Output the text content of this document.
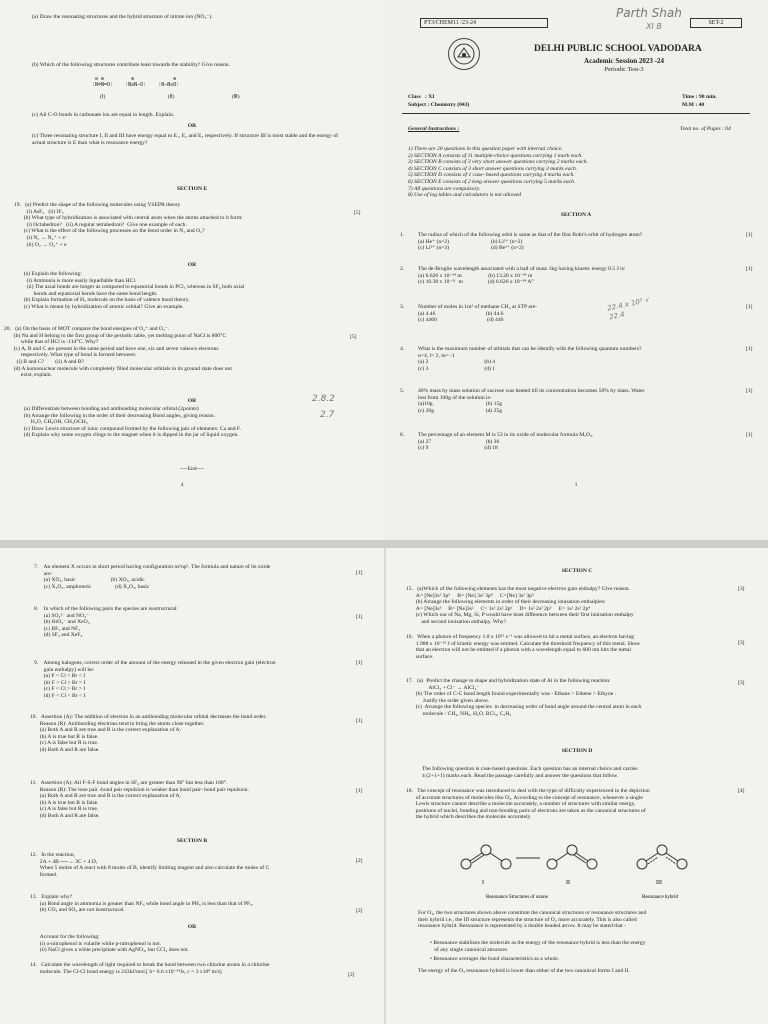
(a) Draw the resonating structures and the hybrid structure of nitrate ion (NO₃⁻).
(b) Which of the following structures contribute least towards the stability? Give reason.
⊖ ⊕         ⊕             ⊕
:N=N=O:    :N≡N−O:    :N−N≡O:
(Ⅰ)	(Ⅱ)	(Ⅲ)
(c) All C-O bonds in carbonate ion are equal in length. Explain.
OR
(c) Three resonating structure I, II and III have energy equal to E₁, E₂ and E₃ respectively. If structure III is most stable and the energy of actual structure is E than what is resonance energy?
SECTION E
19.   (a) Predict the shape of the following molecules using VSEPR theory
(i) AsF₃   (ii) IF₅
(b) What type of hybridization is associated with central atom when the atoms attached to it form:
(i) Octahedron?   (ii) A regular tetrahedron?  Give one example of each.
(c) What is the effect of the following processes on the bond order in N₂ and O₂?
(i) N₂ → N₂⁺ + e⁻
(ii) O₂ → O₂⁺ + e
[5]
OR
(a) Explain the following:
(i) Ammonia is more easily liquefiable than HCl.
(ii) The axial bonds are longer as compared to equatorial bonds in PCl₅ whereas in SF₆ both axial
bonds and equatorial bonds have the same bond length.
(b) Explain formation of H₂ molecule on the basis of valence bond theory.
(c) What is meant by hybridization of atomic orbital? Give an example.
20.   (a) On the basis of MOT compare the bond energies of O₂⁺ and O₂⁻.
(b) Na and H belong to the first group of the periodic table, yet melting point of NaCl is 800°C
while that of HCl is -114°C. Why?
(c) A, B and C are present in the same period and have one, six and seven valence electrons
respectively. What type of bond is formed between:
(i) B and C?        (ii) A and B?
(d) A homonuclear molecule with completely filled molecular orbitals in its ground state does not
exist, explain.
[5]
2.8.2
2.7
OR
(a) Differentiate between bonding and antibonding molecular orbital.(2points)
(b) Arrange the following in the order of their decreasing Bond angles, giving reason.
H₂O, CH₃OH, CH₃OCH₃
(c) Draw Lewis structure of ionic compound formed by the following pair of elements: Ca and F.
(d) Explain why some oxygen clings to the magnet when it is dipped in the jar of liquid oxygen.
----End----
4
PT3/CHEM11 /23-24	SET-2
Parth Shah
XI B
DELHI PUBLIC SCHOOL VADODARA
Academic Session 2023 -24
Periodic Test-3
Class   : XI
Subject : Chemistry (043)
Time : 90 min.
M.M : 40
General Instructions :	Total no. of Pages : 04
1) There are 20 questions in this question paper with internal choice.
2) SECTION A consists of 11 multiple-choice questions carrying 1 mark each.
3) SECTION B consists of 3 very short answer questions carrying 2 marks each.
4) SECTION C consists of 3 short answer questions carrying 3 marks each.
5) SECTION D consists of 1 case- based questions carrying 4 marks each.
6) SECTION E consists of 2 long answer questions carrying 5 marks each.
7) All questions are compulsory.
8) Use of log tables and calculators is not allowed
SECTION A
1. The radius of which of the following orbit is same as that of the first Bohr's orbit of hydrogen atom?
(a) He⁺ (n=2)                              (b) Li²⁺ (n=2)
(c) Li²⁺ (n=3)                              (d) Be³⁺ (n=2)
[1]
2. The de-Broglie wavelength associated with a ball of mass 1kg having kinetic energy 0.5 J is:
(a) 6.626 x 10⁻³⁴ m                   (b) 13.20 x 10⁻³⁴ m
(c) 10.38 x 10⁻²¹  m                  (d) 6.626 x 10⁻³⁴ A°
[1]
3. Number of moles in 1m³ of methane CH₄ at STP are-
(a) 4.46                                    (b) 44.6
(c) 4460                                    (d) 446
[1]
22.4 x 10³ ✓
22.4
4. What is the maximum number of orbitals that can be identify with the following quantum numbers?
n=4, l= 2, m= -1
(a) 2                                        (b) 4
(c) 3                                        (d) 1
[1]
5. 40% mass by mass solution of sucrose was heated till its concentration becomes 50% by mass. Water
lost from 100g of the solution is-
(a)10g.                                     (b) 15g
(c) 20g                                     (d) 25g
[1]
6. The percentage of an element M is 53 in its oxide of molecular formula M₂O₃.
(a) 27                                       (b) 36
(c) 9                                        (d) 18
[1]
1
7.    An element X occurs in short period having configuration ns²np¹. The formula and nature of its oxide
are:
(a) XO₃, basic                         (b) XO₃, acidic
(c) X₂O₃, amphoteric                 (d) X₂O₃, basic
[1]
8.    In which of the following pairs the species are isostructural:
(a) SO₃²⁻ and NO₃⁻
(b) BrO₃⁻ and XeO₃
(c) BF₃ and NF₃
(d) SF₄ and XeF₄
[1]
9.    Among halogens, correct order of the amount of the energy released in the given electron gain (electron
gain enthalpy) will be:
(a) F < Cl < Br < I
(b) F > Cl > Br > I
(c) F < Cl > Br > I
(d) F < Cl < Br < I
[1]
10.   Assertion (A): The addition of electron in an antibonding molecular orbital decreases the bond order.
Reason (R): Antibonding electrons tend to bring the atoms close together.
(a) Both A and R are true and R is the correct explanation of A.
(b) A is true but R is false.
(c) A is false but R is true.
(d) Both A and R are false.
[1]
11.   Assertion (A): All F-S-F bond angles in SF₄ are greater than 90° but less than 180°.
Reason (R): The lone pair -bond pair repulsion is weaker than bond pair- bond pair repulsion.
(a) Both A and R are true and R is the correct explanation of A.
(b) A is true but R is false.
(c) A is false but R is true.
(d) Both A and R are false.
[1]
SECTION B
12.   In the reaction,
2A + 4B ──→ 3C + 4 D,
When 5 moles of A react with 8 moles of B, identify limiting reagent and also calculate the moles of C
formed.
[2]
13.   Explain why?
(a) Bond angle in ammonia is greater than NF₃ while bond angle in PH₃ is less than that of PF₃.
(b) CO₂ and SO₂ are not isostructural.	[2]
OR
Account for the following:
(i) o-nitrophenol is volatile while p-nitrophenol is not.
(ii) NaCl gives a white precipitate with AgNO₃, but CCl₄ does not.
14.   Calculate the wavelength of light required to break the bond between two chlorine atoms in a chlorine
molecule. The Cl-Cl bond energy is 243kJ/mol.[ h= 6.6 x10⁻³⁴Js, c = 3 x10⁸ m/s]
[2]
SECTION C
15.   (a)Which of the following elements has the most negative electron gain enthalpy? Give reason.
A= [Ne]3s² 3p⁵     B= [Ne] 3s² 3p⁴     C=[Ne] 3s² 3p³
(b) Arrange the following elements in order of their decreasing ionisation enthalpies:
A= [Ne]3s¹     B= [Ne]3s²     C= 1s² 2s² 2p⁶     D= 1s² 2s² 2p⁵     E= 1s² 2s² 2p⁴
(c) Which out of Na, Mg, Si, P would have least difference between their first ionisation enthalpy
and second ionisation enthalpy. Why?
[3]
16.   When a photon of frequency 1.0 x 10¹⁵ s⁻¹ was allowed to hit a metal surface, an electron having
1.988 x 10⁻¹⁹ J of kinetic energy was emitted. Calculate the threshold frequency of this metal. Show
that an electron will not be emitted if a photon with a wavelength equal to 600 nm hits the metal
surface.
[3]
17.   (a)  Predict the change in shape and hybridization state of Al in the following reaction:
AlCl₃ + Cl⁻ → AlCl₄⁻
(b) The order of C-C bond length found experimentally was - Ethane > Ethene > Ethyne .
Justify the order given above.
(c)  Arrange the following species  in decreasing order of bond angle around the central atom in each
molecule : CH₄, NH₃, H₂O, BCl₃, C₂H₂
[3]
SECTION D
The following question is case-based questions. Each question has an internal choice and carries
4 (2+1+1) marks each. Read the passage carefully and answer the questions that follow.
18.   The concept of resonance was introduced to deal with the type of difficulty experienced in the depiction
of accurate structures of molecules like O₃. According to the concept of resonance, whenever a single
Lewis structure cannot describe a molecule accurately, a number of structures with similar energy,
positions of nuclei, bonding and non-bonding pairs of electrons are taken as the canonical structures of
the hybrid which describes the molecule accurately.
[4]
I	II	III
Resonance Structures of ozone	Resonance hybrid
For O₃, the two structures shown above constitute the canonical structures or resonance structures and
their hybrid i.e., the III structure represents the structure of O₃ more accurately. This is also called
resonance hybrid. Resonance is represented by a double headed arrow. It may be stated that -
• Resonance stabilizes the molecule as the energy of the resonance hybrid is less than the energy
of any single canonical structure.
• Resonance averages the bond characteristics as a whole.
The energy of the O₃ resonance hybrid is lower than either of the two canonical forms I and II.
